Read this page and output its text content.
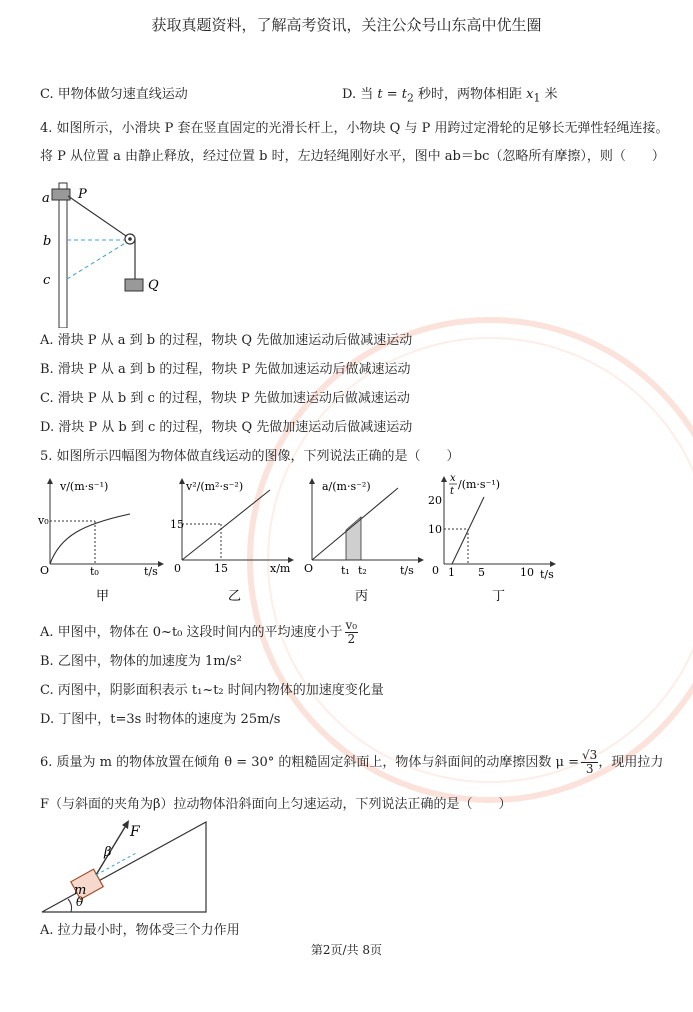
获取真题资料，了解高考资讯，关注公众号山东高中优生圈
C. 甲物体做匀速直线运动	D. 当 $t = t_2$ 秒时，两物体相距 $x_1$ 米
4. 如图所示，小滑块 P 套在竖直固定的光滑长杆上，小物块 Q 与 P 用跨过定滑轮的足够长无弹性轻绳连接。
将 P 从位置 a 由静止释放，经过位置 b 时，左边轻绳刚好水平，图中 ab＝bc（忽略所有摩擦），则（　　）
a P
b
c	Q
A. 滑块 P 从 a 到 b 的过程，物块 Q 先做加速运动后做减速运动
B. 滑块 P 从 a 到 b 的过程，物块 P 先做加速运动后做减速运动
C. 滑块 P 从 b 到 c 的过程，物块 P 先做加速运动后做减速运动
D. 滑块 P 从 b 到 c 的过程，物块 Q 先做加速运动后做减速运动
5. 如图所示四幅图为物体做直线运动的图像，下列说法正确的是（　　）
v/(m·s⁻¹)
v₀
O	t₀	t/s
甲
v²/(m²·s⁻²)
15
0	15	x/m
乙
a/(m·s⁻²)
O	t₁ t₂	t/s
丙
x
t
/(m·s⁻¹)
20
10
0 1 5	10 t/s
丁
A. 甲图中，物体在 0~t₀ 这段时间内的平均速度小于 $\frac{\text{v₀}}{2}$
B. 乙图中，物体的加速度为 1m/s²
C. 丙图中，阴影面积表示 t₁~t₂ 时间内物体的加速度变化量
D. 丁图中，t=3s 时物体的速度为 25m/s
6. 质量为 m 的物体放置在倾角 θ = 30° 的粗糙固定斜面上，物体与斜面间的动摩擦因数 $\mu = \frac{√3}{3}$ ，现用拉力
F（与斜面的夹角为β）拉动物体沿斜面向上匀速运动，下列说法正确的是（　　）
F
β
m
θ
A. 拉力最小时，物体受三个力作用
第2页/共 8页
